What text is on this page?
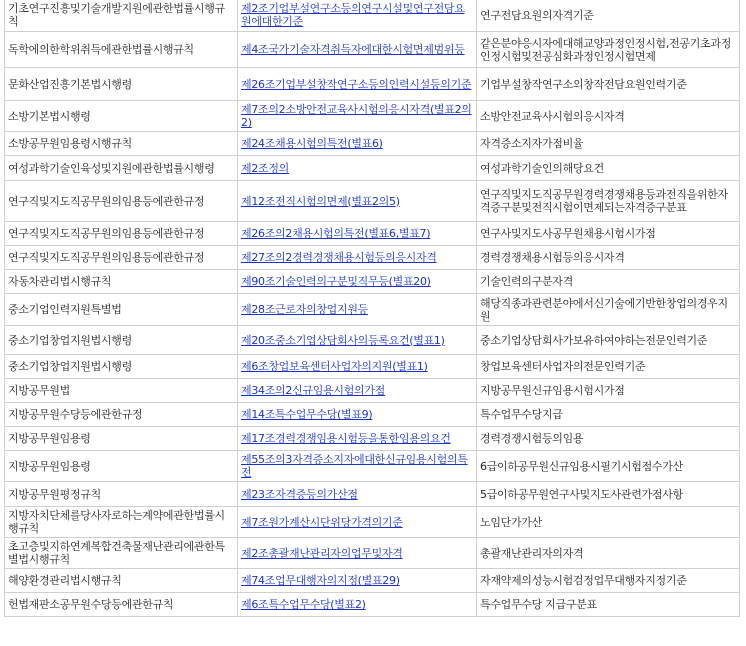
기초연구진흥및기술개발지원에관한법률시행규칙	제2조기업부설연구소등의연구시설및연구전담요원에대한기준	연구전담요원의자격기준
독학에의한학위취득에관한법률시행규칙	제4조국가기술자격취득자에대한시험면제범위등	같은분야응시자에대해교양과정인정시험,전공기초과정인정시험및전공심화과정인정시험면제
문화산업진흥기본법시행령	제26조기업부설창작연구소등의인력시설등의기준	기업부설창작연구소의창작전담요원인력기준
소방기본법시행령	제7조의2소방안전교육사시험의응시자격(별표2의2)	소방안전교육사시험의응시자격
소방공무원임용령시행규칙	제24조채용시험의특전(별표6)	자격증소지자가점비율
여성과학기술인육성및지원에관한법률시행령	제2조정의	여성과학기술인의해당요건
연구직및지도직공무원의임용등에관한규정	제12조전직시험의면제(별표2의5)	연구직및지도직공무원경력경쟁채용등과전직을위한자격증구분및전직시험이면제되는자격증구분표
연구직및지도직공무원의임용등에관한규정	제26조의2채용시험의특전(별표6,별표7)	연구사및지도사공무원채용시험시가점
연구직및지도직공무원의임용등에관한규정	제27조의2경력경쟁채용시험등의응시자격	경력경쟁채용시험등의응시자격
자동차관리법시행규칙	제90조기술인력의구분및직무등(별표20)	기술인력의구분자격
중소기업인력지원특별법	제28조근로자의창업지원등	해당직종과관련분야에서신기술에기반한창업의경우지원
중소기업창업지원법시행령	제20조중소기업상담회사의등록요건(별표1)	중소기업상담회사가보유하여야하는전문인력기준
중소기업창업지원법시행령	제6조창업보육센터사업자의지원(별표1)	창업보육센터사업자의전문인력기준
지방공무원법	제34조의2신규임용시험의가점	지방공무원신규임용시험시가점
지방공무원수당등에관한규정	제14조특수업무수당(별표9)	특수업무수당지급
지방공무원임용령	제17조경력경쟁임용시험등을통한임용의요건	경력경쟁시험등의임용
지방공무원임용령	제55조의3자격증소지자에대한신규임용시험의특전	6급이하공무원신규임용시필기시험점수가산
지방공무원평정규칙	제23조자격증등의가산점	5급이하공무원연구사및지도사관련가점사항
지방자치단체를당사자로하는계약에관한법률시행규칙	제7조원가계산시단위당가격의기준	노임단가가산
초고층및지하연계복합건축물재난관리에관한특별법시행규칙	제2조총괄재난관리자의업무및자격	총괄재난관리자의자격
해양환경관리법시행규칙	제74조업무대행자의지정(별표29)	자재약제의성능시험검정업무대행자지정기준
헌법재판소공무원수당등에관한규칙	제6조특수업무수당(별표2)	특수업무수당 지급구분표
